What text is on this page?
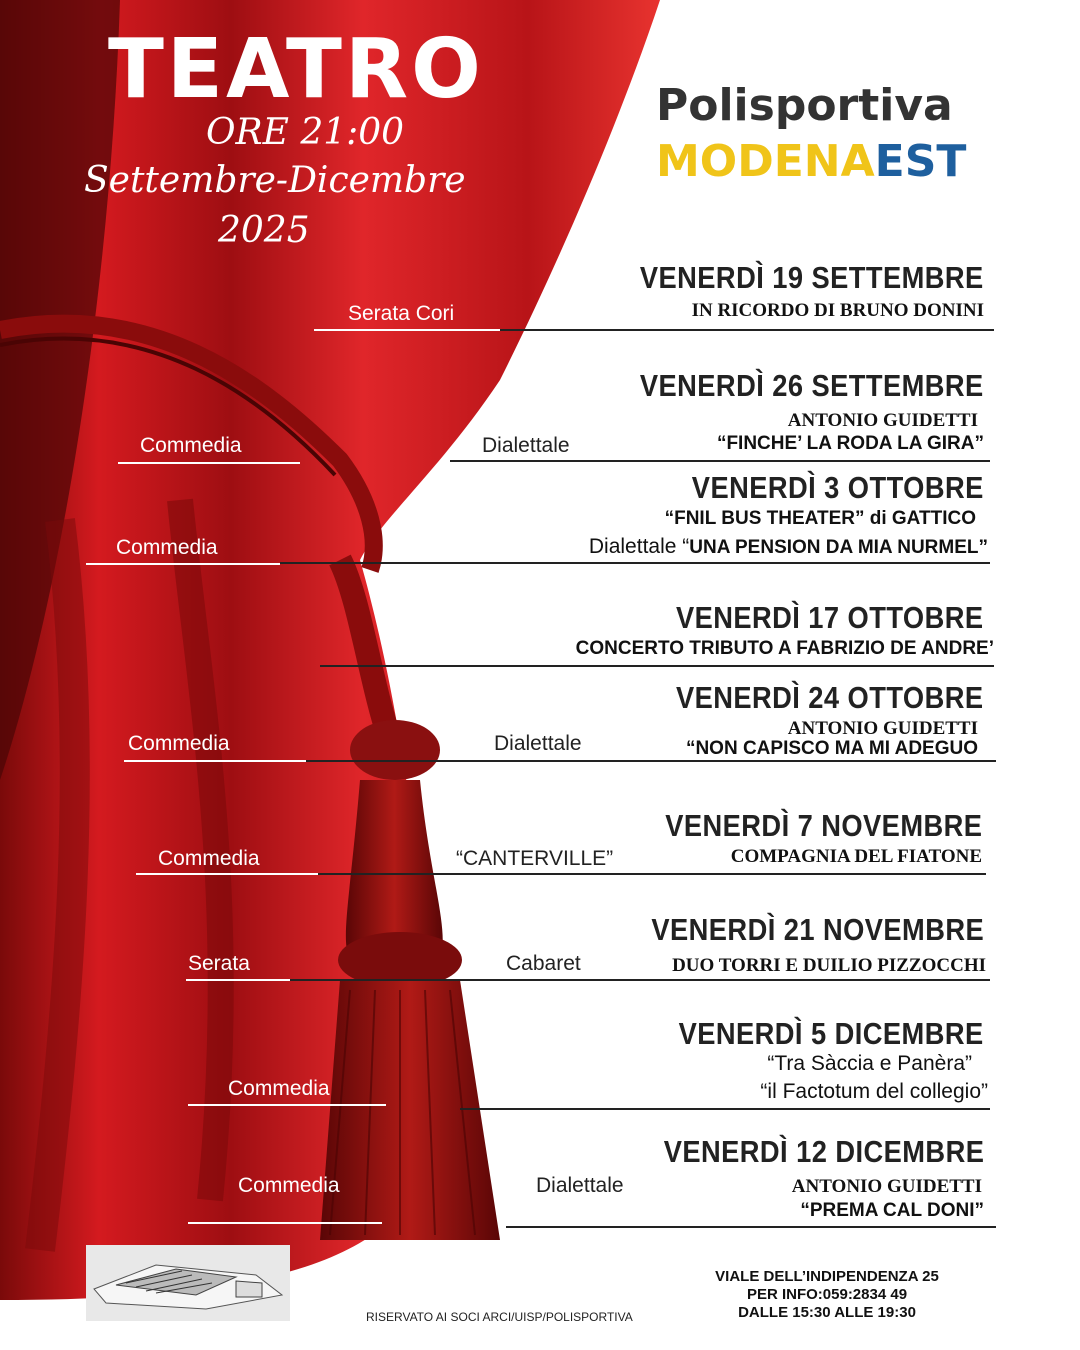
TEATRO
ORE 21:00
Settembre-Dicembre
2025
Polisportiva
MODENAEST
VENERDÌ 19 SETTEMBRE
IN RICORDO DI BRUNO DONINI
Serata Cori
VENERDÌ 26 SETTEMBRE
ANTONIO GUIDETTI
“FINCHE’ LA RODA LA GIRA”
Commedia	Dialettale
VENERDÌ 3 OTTOBRE
“FNIL BUS THEATER” di GATTICO
Dialettale “UNA PENSION DA MIA NURMEL”
Commedia
VENERDÌ 17 OTTOBRE
CONCERTO TRIBUTO A FABRIZIO DE ANDRE’
VENERDÌ 24 OTTOBRE
ANTONIO GUIDETTI
“NON CAPISCO MA MI ADEGUO
Commedia	Dialettale
VENERDÌ 7 NOVEMBRE
COMPAGNIA DEL FIATONE
Commedia	“CANTERVILLE”
VENERDÌ 21 NOVEMBRE
DUO TORRI E DUILIO PIZZOCCHI
Serata	Cabaret
VENERDÌ 5 DICEMBRE
“Tra Sàccia e Panèra”
“il Factotum del collegio”
Commedia
VENERDÌ 12 DICEMBRE
ANTONIO GUIDETTI
“PREMA CAL DONI”
Commedia	Dialettale
RISERVATO AI SOCI ARCI/UISP/POLISPORTIVA
VIALE DELL’INDIPENDENZA 25
PER INFO:059:2834 49
DALLE 15:30 ALLE 19:30
